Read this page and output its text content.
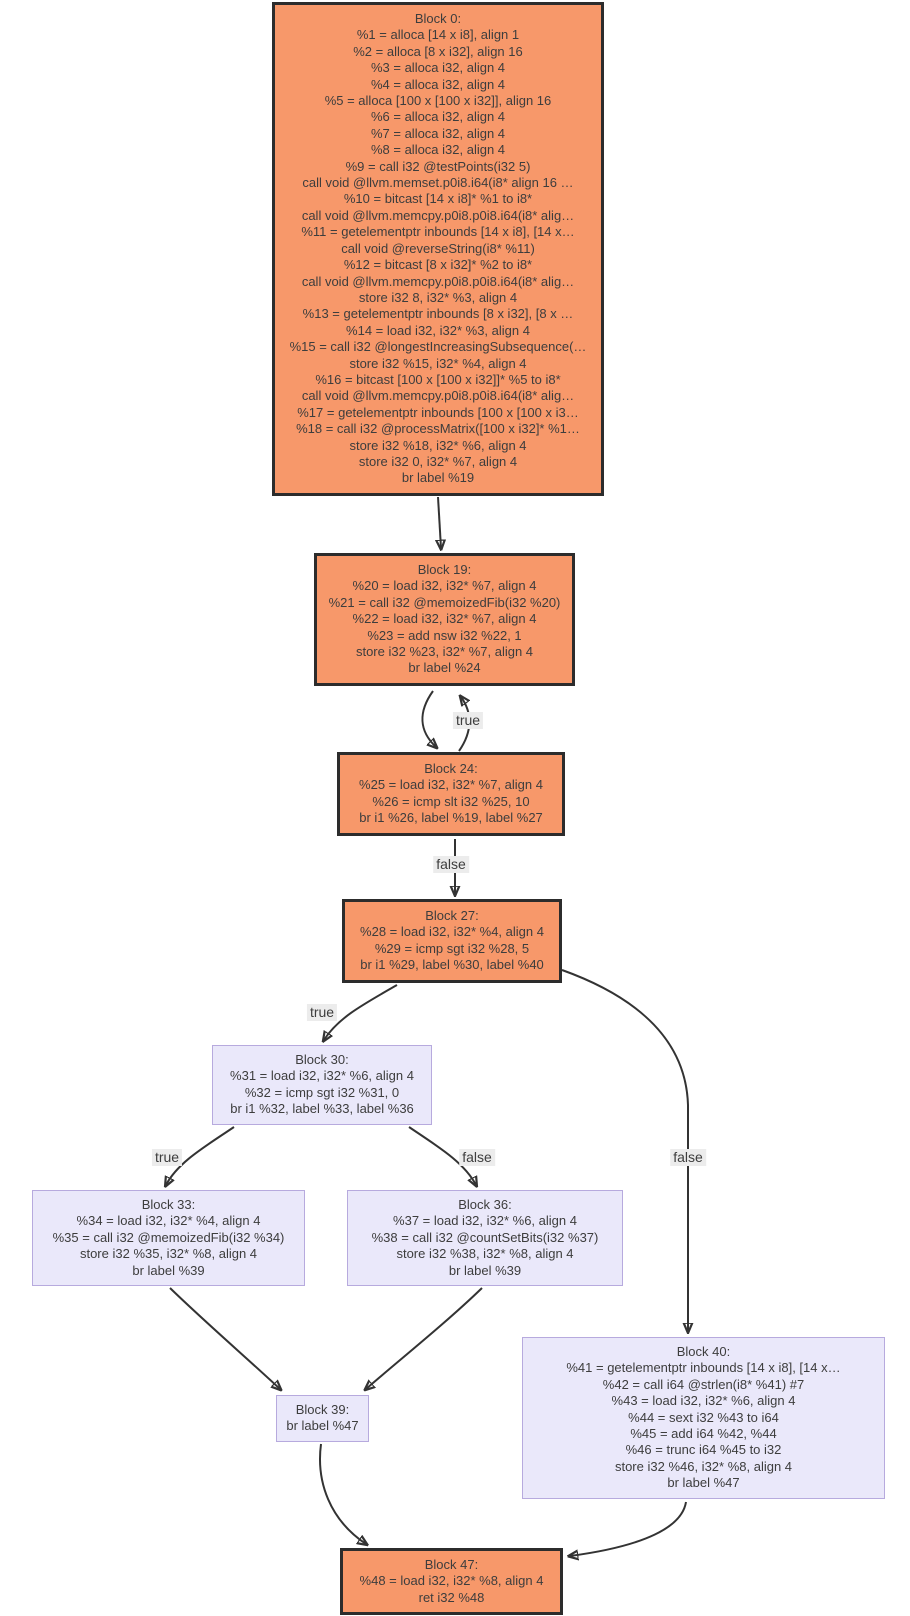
Block 0:
%1 = alloca [14 x i8], align 1
%2 = alloca [8 x i32], align 16
%3 = alloca i32, align 4
%4 = alloca i32, align 4
%5 = alloca [100 x [100 x i32]], align 16
%6 = alloca i32, align 4
%7 = alloca i32, align 4
%8 = alloca i32, align 4
%9 = call i32 @testPoints(i32 5)
call void @llvm.memset.p0i8.i64(i8* align 16 …
%10 = bitcast [14 x i8]* %1 to i8*
call void @llvm.memcpy.p0i8.p0i8.i64(i8* alig…
%11 = getelementptr inbounds [14 x i8], [14 x…
call void @reverseString(i8* %11)
%12 = bitcast [8 x i32]* %2 to i8*
call void @llvm.memcpy.p0i8.p0i8.i64(i8* alig…
store i32 8, i32* %3, align 4
%13 = getelementptr inbounds [8 x i32], [8 x …
%14 = load i32, i32* %3, align 4
%15 = call i32 @longestIncreasingSubsequence(…
store i32 %15, i32* %4, align 4
%16 = bitcast [100 x [100 x i32]]* %5 to i8*
call void @llvm.memcpy.p0i8.p0i8.i64(i8* alig…
%17 = getelementptr inbounds [100 x [100 x i3…
%18 = call i32 @processMatrix([100 x i32]* %1…
store i32 %18, i32* %6, align 4
store i32 0, i32* %7, align 4
br label %19
Block 19:
%20 = load i32, i32* %7, align 4
%21 = call i32 @memoizedFib(i32 %20)
%22 = load i32, i32* %7, align 4
%23 = add nsw i32 %22, 1
store i32 %23, i32* %7, align 4
br label %24
Block 24:
%25 = load i32, i32* %7, align 4
%26 = icmp slt i32 %25, 10
br i1 %26, label %19, label %27
Block 27:
%28 = load i32, i32* %4, align 4
%29 = icmp sgt i32 %28, 5
br i1 %29, label %30, label %40
Block 30:
%31 = load i32, i32* %6, align 4
%32 = icmp sgt i32 %31, 0
br i1 %32, label %33, label %36
Block 33:
%34 = load i32, i32* %4, align 4
%35 = call i32 @memoizedFib(i32 %34)
store i32 %35, i32* %8, align 4
br label %39
Block 36:
%37 = load i32, i32* %6, align 4
%38 = call i32 @countSetBits(i32 %37)
store i32 %38, i32* %8, align 4
br label %39
Block 39:
br label %47
Block 40:
%41 = getelementptr inbounds [14 x i8], [14 x…
%42 = call i64 @strlen(i8* %41) #7
%43 = load i32, i32* %6, align 4
%44 = sext i32 %43 to i64
%45 = add i64 %42, %44
%46 = trunc i64 %45 to i32
store i32 %46, i32* %8, align 4
br label %47
Block 47:
%48 = load i32, i32* %8, align 4
ret i32 %48
true
false
true
false
true	false
